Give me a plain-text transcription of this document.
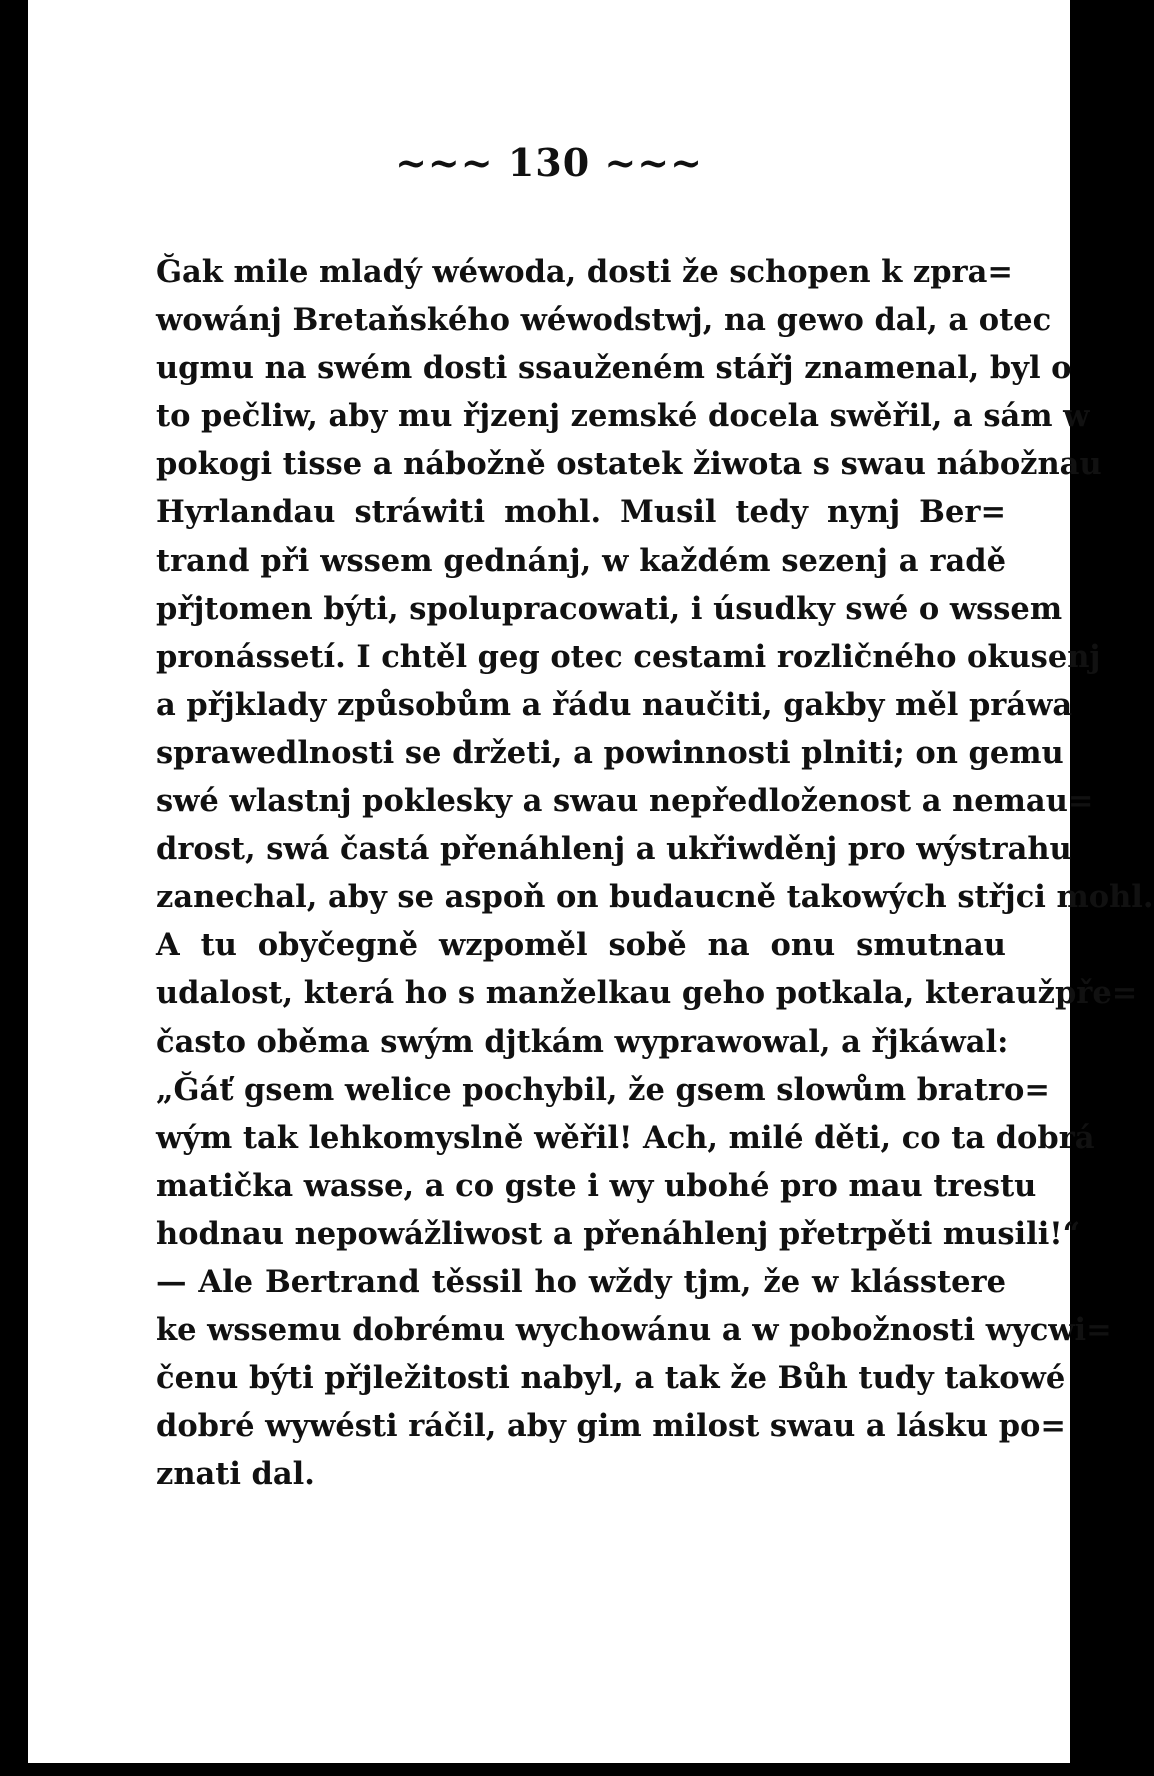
~~~ 130 ~~~
Ğak mile mladý wéwoda, dosti že schopen k zpra=
wowánj Bretaňského wéwodstwj, na gewo dal, a otec
ugmu na swém dosti ssauženém stářj znamenal, byl o
to pečliw, aby mu řjzenj zemské docela swěřil, a sám w
pokogi tisse a nábožně ostatek žiwota s swau nábožnau
Hyrlandau stráwiti mohl. Musil tedy nynj Ber=
trand při wssem gednánj, w každém sezenj a radě
přjtomen býti, spolupracowati, i úsudky swé o wssem
pronássetí. I chtěl geg otec cestami rozličného okusenj
a přjklady způsobům a řádu naučiti, gakby měl práwa
sprawedlnosti se držeti, a powinnosti plniti; on gemu
swé wlastnj poklesky a swau nepředloženost a nemau=
drost, swá častá přenáhlenj a ukřiwděnj pro wýstrahu
zanechal, aby se aspoň on budaucně takowých střjci mohl.
A tu obyčegně wzpoměl sobě na onu smutnau
udalost, která ho s manželkau geho potkala, kteraužpře=
často oběma swým djtkám wyprawowal, a řjkáwal:
„Ğáť gsem welice pochybil, že gsem slowům bratro=
wým tak lehkomyslně wěřil! Ach, milé děti, co ta dobrá
matička wasse, a co gste i wy ubohé pro mau trestu
hodnau nepowážliwost a přenáhlenj přetrpěti musili!“
— Ale Bertrand těssil ho wždy tjm, že w klásstere
ke wssemu dobrému wychowánu a w pobožnosti wycwi=
čenu býti přjležitosti nabyl, a tak že Bůh tudy takowé
dobré wywésti ráčil, aby gim milost swau a lásku po=
znati dal.
